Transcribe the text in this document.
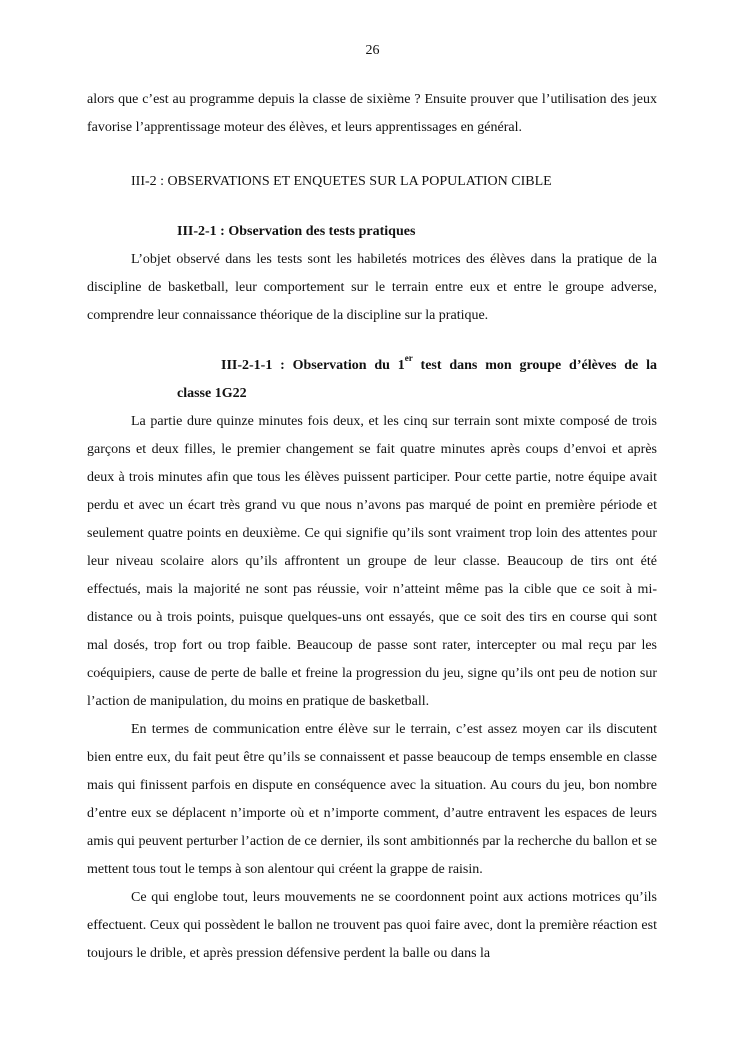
26

alors que c’est au programme depuis la classe de sixième ? Ensuite prouver que l’utilisation des jeux favorise l’apprentissage moteur des élèves, et leurs apprentissages en général.

III-2 : OBSERVATIONS ET ENQUETES SUR LA POPULATION CIBLE

III-2-1 : Observation des tests pratiques

L’objet observé dans les tests sont les habiletés motrices des élèves dans la pratique de la discipline de basketball, leur comportement sur le terrain entre eux et entre le groupe adverse, comprendre leur connaissance théorique de la discipline sur la pratique.

III-2-1-1 : Observation du 1er test dans mon groupe d’élèves de la
classe 1G22

La partie dure quinze minutes fois deux, et les cinq sur terrain sont mixte composé de trois garçons et deux filles, le premier changement se fait quatre minutes après coups d’envoi et après deux à trois minutes afin que tous les élèves puissent participer. Pour cette partie, notre équipe avait perdu et avec un écart très grand vu que nous n’avons pas marqué de point en première période et seulement quatre points en deuxième. Ce qui signifie qu’ils sont vraiment trop loin des attentes pour leur niveau scolaire alors qu’ils affrontent un groupe de leur classe. Beaucoup de tirs ont été effectués, mais la majorité ne sont pas réussie, voir n’atteint même pas la cible que ce soit à mi-distance ou à trois points, puisque quelques-uns ont essayés, que ce soit des tirs en course qui sont mal dosés, trop fort ou trop faible. Beaucoup de passe sont rater, intercepter ou mal reçu par les coéquipiers, cause de perte de balle et freine la progression du jeu, signe qu’ils ont peu de notion sur l’action de manipulation, du moins en pratique de basketball.

En termes de communication entre élève sur le terrain, c’est assez moyen car ils discutent bien entre eux, du fait peut être qu’ils se connaissent et passe beaucoup de temps ensemble en classe mais qui finissent parfois en dispute en conséquence avec la situation. Au cours du jeu, bon nombre d’entre eux se déplacent n’importe où et n’importe comment, d’autre entravent les espaces de leurs amis qui peuvent perturber l’action de ce dernier, ils sont ambitionnés par la recherche du ballon et se mettent tous tout le temps à son alentour qui créent la grappe de raisin.

Ce qui englobe tout, leurs mouvements ne se coordonnent point aux actions motrices qu’ils effectuent. Ceux qui possèdent le ballon ne trouvent pas quoi faire avec, dont la première réaction est toujours le drible, et après pression défensive perdent la balle ou dans la
